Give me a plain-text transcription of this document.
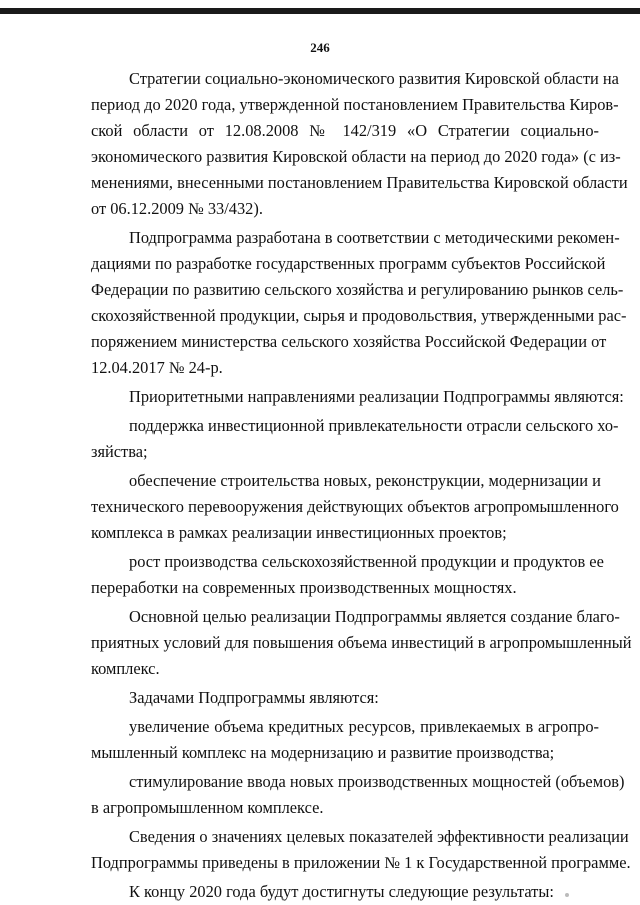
246
Стратегии социально-экономического развития Кировской области на
период до 2020 года, утвержденной постановлением Правительства Киров-
ской области от 12.08.2008 № 142/319 «О Стратегии социально-
экономического развития Кировской области на период до 2020 года» (с из-
менениями, внесенными постановлением Правительства Кировской области
от 06.12.2009 № 33/432).
Подпрограмма разработана в соответствии с методическими рекомен-
дациями по разработке государственных программ субъектов Российской
Федерации по развитию сельского хозяйства и регулированию рынков сель-
скохозяйственной продукции, сырья и продовольствия, утвержденными рас-
поряжением министерства сельского хозяйства Российской Федерации от
12.04.2017 № 24-р.
Приоритетными направлениями реализации Подпрограммы являются:
поддержка инвестиционной привлекательности отрасли сельского хо-
зяйства;
обеспечение строительства новых, реконструкции, модернизации и
технического перевооружения действующих объектов агропромышленного
комплекса в рамках реализации инвестиционных проектов;
рост производства сельскохозяйственной продукции и продуктов ее
переработки на современных производственных мощностях.
Основной целью реализации Подпрограммы является создание благо-
приятных условий для повышения объема инвестиций в агропромышленный
комплекс.
Задачами Подпрограммы являются:
увеличение объема кредитных ресурсов, привлекаемых в агропро-
мышленный комплекс на модернизацию и развитие производства;
стимулирование ввода новых производственных мощностей (объемов)
в агропромышленном комплексе.
Сведения о значениях целевых показателей эффективности реализации
Подпрограммы приведены в приложении № 1 к Государственной программе.
К концу 2020 года будут достигнуты следующие результаты:
